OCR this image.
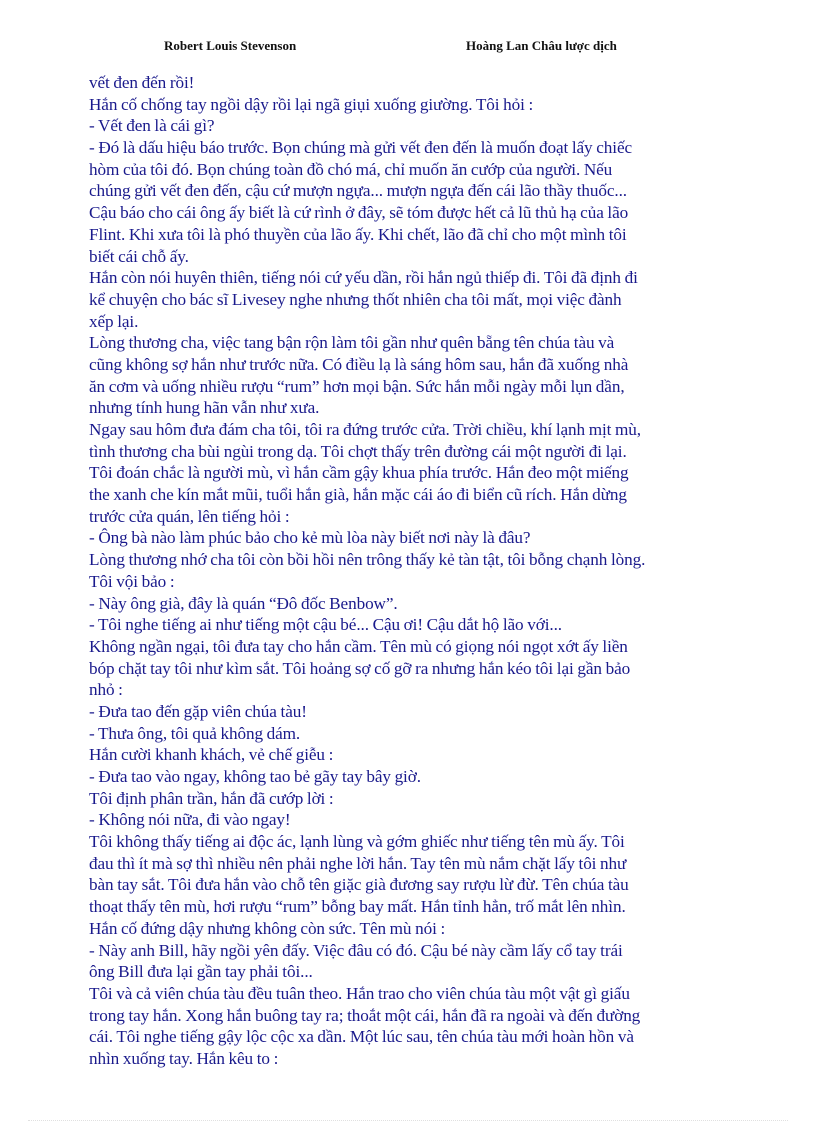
Robert Louis Stevenson	Hoàng Lan Châu lược dịch
vết đen đến rồi!
Hắn cố chống tay ngồi dậy rồi lại ngã giụi xuống giường. Tôi hỏi :
- Vết đen là cái gì?
- Đó là dấu hiệu báo trước. Bọn chúng mà gửi vết đen đến là muốn đoạt lấy chiếc
hòm của tôi đó. Bọn chúng toàn đồ chó má, chỉ muốn ăn cướp của người. Nếu
chúng gửi vết đen đến, cậu cứ mượn ngựa... mượn ngựa đến cái lão thầy thuốc...
Cậu báo cho cái ông ấy biết là cứ rình ở đây, sẽ tóm được hết cả lũ thủ hạ của lão
Flint. Khi xưa tôi là phó thuyền của lão ấy. Khi chết, lão đã chỉ cho một mình tôi
biết cái chỗ ấy.
Hắn còn nói huyên thiên, tiếng nói cứ yếu dần, rồi hắn ngủ thiếp đi. Tôi đã định đi
kể chuyện cho bác sĩ Livesey nghe nhưng thốt nhiên cha tôi mất, mọi việc đành
xếp lại.
Lòng thương cha, việc tang bận rộn làm tôi gần như quên bẵng tên chúa tàu và
cũng không sợ hắn như trước nữa. Có điều lạ là sáng hôm sau, hắn đã xuống nhà
ăn cơm và uống nhiều rượu “rum” hơn mọi bận. Sức hắn mỗi ngày mỗi lụn dần,
nhưng tính hung hãn vẫn như xưa.
Ngay sau hôm đưa đám cha tôi, tôi ra đứng trước cửa. Trời chiều, khí lạnh mịt mù,
tình thương cha bùi ngùi trong dạ. Tôi chợt thấy trên đường cái một người đi lại.
Tôi đoán chắc là người mù, vì hắn cầm gậy khua phía trước. Hắn đeo một miếng
the xanh che kín mắt mũi, tuổi hắn già, hắn mặc cái áo đi biển cũ rích. Hắn dừng
trước cửa quán, lên tiếng hỏi :
- Ông bà nào làm phúc bảo cho kẻ mù lòa này biết nơi này là đâu?
Lòng thương nhớ cha tôi còn bồi hồi nên trông thấy kẻ tàn tật, tôi bỗng chạnh lòng.
Tôi vội bảo :
- Này ông già, đây là quán “Đô đốc Benbow”.
- Tôi nghe tiếng ai như tiếng một cậu bé... Cậu ơi! Cậu dắt hộ lão với...
Không ngần ngại, tôi đưa tay cho hắn cầm. Tên mù có giọng nói ngọt xớt ấy liền
bóp chặt tay tôi như kìm sắt. Tôi hoảng sợ cố gỡ ra nhưng hắn kéo tôi lại gần bảo
nhỏ :
- Đưa tao đến gặp viên chúa tàu!
- Thưa ông, tôi quả không dám.
Hắn cười khanh khách, vẻ chế giễu :
- Đưa tao vào ngay, không tao bẻ gãy tay bây giờ.
Tôi định phân trần, hắn đã cướp lời :
- Không nói nữa, đi vào ngay!
Tôi không thấy tiếng ai độc ác, lạnh lùng và gớm ghiếc như tiếng tên mù ấy. Tôi
đau thì ít mà sợ thì nhiều nên phải nghe lời hắn. Tay tên mù nắm chặt lấy tôi như
bàn tay sắt. Tôi đưa hắn vào chỗ tên giặc già đương say rượu lừ đừ. Tên chúa tàu
thoạt thấy tên mù, hơi rượu “rum” bỗng bay mất. Hắn tỉnh hẳn, trố mắt lên nhìn.
Hắn cố đứng dậy nhưng không còn sức. Tên mù nói :
- Này anh Bill, hãy ngồi yên đấy. Việc đâu có đó. Cậu bé này cầm lấy cổ tay trái
ông Bill đưa lại gần tay phải tôi...
Tôi và cả viên chúa tàu đều tuân theo. Hắn trao cho viên chúa tàu một vật gì giấu
trong tay hắn. Xong hắn buông tay ra; thoắt một cái, hắn đã ra ngoài và đến đường
cái. Tôi nghe tiếng gậy lộc cộc xa dần. Một lúc sau, tên chúa tàu mới hoàn hồn và
nhìn xuống tay. Hắn kêu to :
